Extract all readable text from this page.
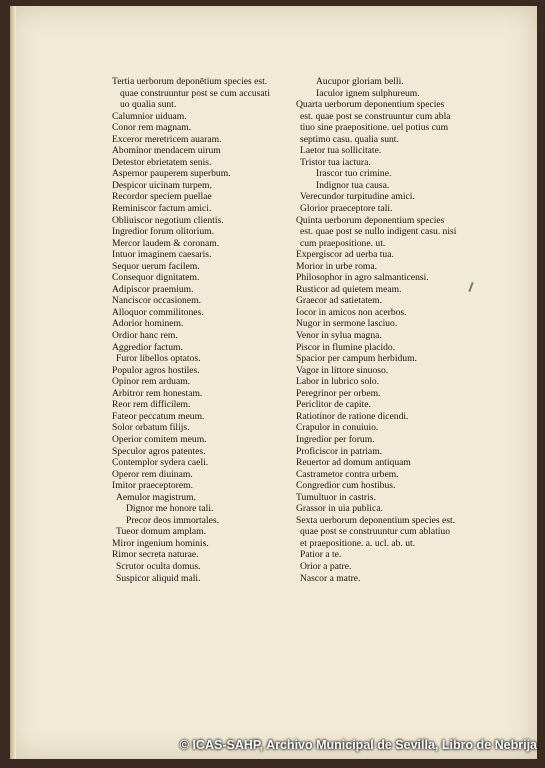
Tertia uerborum deponētium species est.
quae construuntur post se cum accusati
uo qualia sunt.
Calumnior uiduam.
Conor rem magnam.
Exceror meretricem auaram.
Abominor mendacem uirum
Detestor ebrietatem senis.
Aspernor pauperem superbum.
Despicor uicinam turpem.
Recordor speciem puellae
Reminiscor factum amici.
Obliuiscor negotium clientis.
Ingredior forum olitorium.
Mercor laudem & coronam.
Intuor imaginem caesaris.
Sequor uerum facilem.
Consequor dignitatem.
Adipiscor praemium.
Nanciscor occasionem.
Alloquor commilitones.
Adorior hominem.
Ordior hanc rem.
Aggredior factum.
Furor libellos optatos.
Populor agros hostiles.
Opinor rem arduam.
Arbitror rem honestam.
Reor rem difficilem.
Fateor peccatum meum.
Solor orbatum filijs.
Operior comitem meum.
Speculor agros patentes.
Contemplor sydera caeli.
Operor rem diuinam.
Imitor praeceptorem.
Aemulor magistrum.
Dignor me honore tali.
Precor deos immortales.
Tueor domum amplam.
Miror ingenium hominis.
Rimor secreta naturae.
Scrutor oculta domus.
Suspicor aliquid mali.
Aucupor gloriam belli.
Iaculor ignem sulphureum.
Quarta uerborum deponentium species
est. quae post se construuntur cum abla
tiuo sine praepositione. uel potius cum
septimo casu. qualia sunt.
Laetor tua sollicitate.
Tristor tua iactura.
Irascor tuo crimine.
Indignor tua causa.
Verecundor turpitudine amici.
Glorior praeceptore tali.
Quinta uerborum deponentium species
est. quae post se nullo indigent casu. nisi
cum praepositione. ut.
Expergiscor ad uerba tua.
Morior in urbe roma.
Philosophor in agro salmanticensi.
Rusticor ad quietem meam.
Graecor ad satietatem.
Iocor in amicos non acerbos.
Nugor in sermone lasciuo.
Venor in sylua magna.
Piscor in flumine placido.
Spacior per campum herbidum.
Vagor in littore sinuoso.
Labor in lubrico solo.
Peregrinor per orbem.
Periclitor de capite.
Ratiotinor de ratione dicendi.
Crapulor in conuiuio.
Ingredior per forum.
Proficiscor in patriam.
Reuertor ad domum antiquam
Castrametor contra urbem.
Congredior cum hostibus.
Tumultuor in castris.
Grassor in uia publica.
Sexta uerborum deponentium species est.
quae post se construuntur cum ablatiuo
et praepositione. a. ucl. ab. ut.
Patior a te.
Orior a patre.
Nascor a matre.
© ICAS-SAHP, Archivo Municipal de Sevilla, Libro de Nebrija
